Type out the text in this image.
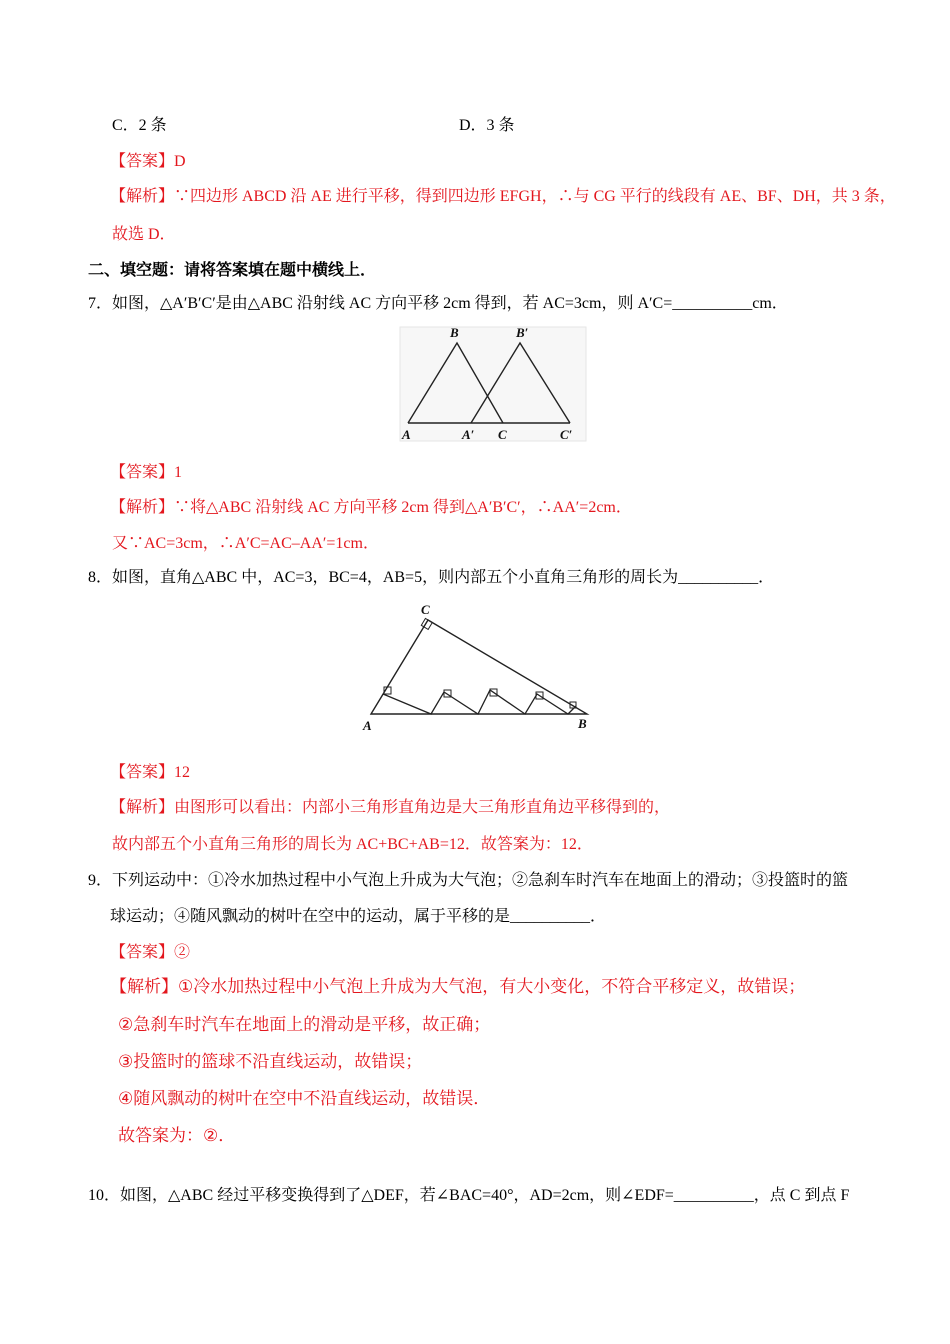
C．2 条	D．3 条
【答案】D
【解析】∵四边形 ABCD 沿 AE 进行平移，得到四边形 EFGH，∴与 CG 平行的线段有 AE、BF、DH，共 3 条，
故选 D．
二、填空题：请将答案填在题中横线上．
7．如图，△A′B′C′是由△ABC 沿射线 AC 方向平移 2cm 得到，若 AC=3cm，则 A′C=__________cm．
B	B′
A	A′ C	C′
【答案】1
【解析】∵将△ABC 沿射线 AC 方向平移 2cm 得到△A′B′C′，∴AA′=2cm．
又∵AC=3cm，∴A′C=AC–AA′=1cm．
8．如图，直角△ABC 中，AC=3，BC=4，AB=5，则内部五个小直角三角形的周长为__________．
C
A	B
【答案】12
【解析】由图形可以看出：内部小三角形直角边是大三角形直角边平移得到的，
故内部五个小直角三角形的周长为 AC+BC+AB=12．故答案为：12．
9．下列运动中：①冷水加热过程中小气泡上升成为大气泡；②急刹车时汽车在地面上的滑动；③投篮时的篮
球运动；④随风飘动的树叶在空中的运动，属于平移的是__________．
【答案】②
【解析】①冷水加热过程中小气泡上升成为大气泡，有大小变化，不符合平移定义，故错误；
②急刹车时汽车在地面上的滑动是平移，故正确；
③投篮时的篮球不沿直线运动，故错误；
④随风飘动的树叶在空中不沿直线运动，故错误．
故答案为：②．
10．如图，△ABC 经过平移变换得到了△DEF，若∠BAC=40°，AD=2cm，则∠EDF=__________，点 C 到点 F
